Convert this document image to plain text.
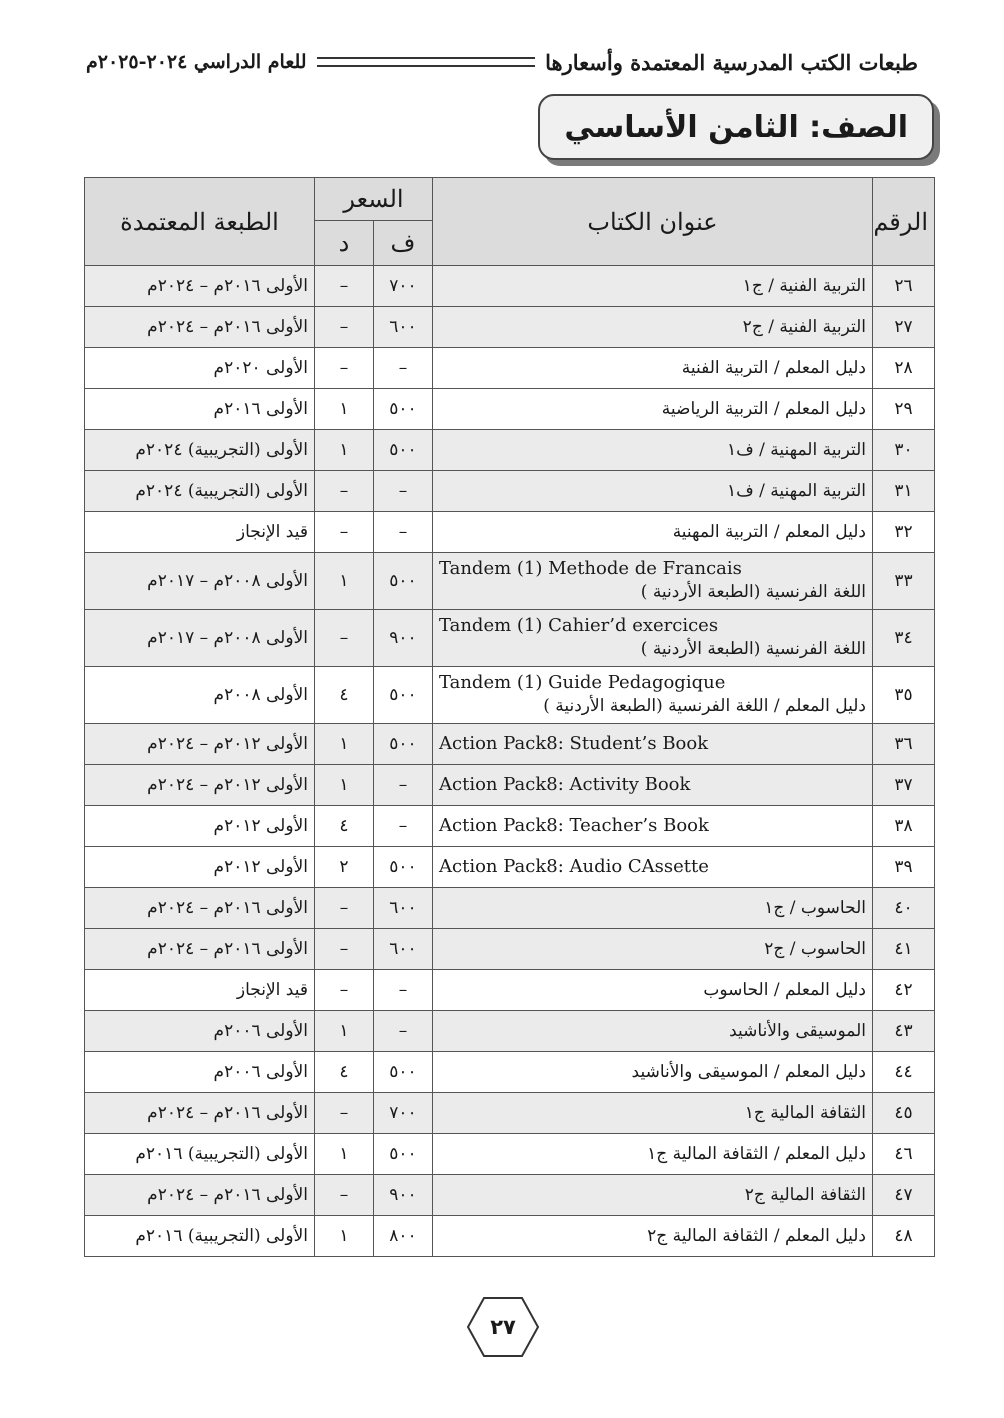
طبعات الكتب المدرسية المعتمدة وأسعارها
للعام الدراسي ٢٠٢٤-٢٠٢٥م
الصف: الثامن الأساسي
الرقم	عنوان الكتاب	السعر		الطبعة المعتمدة
		ف	د	
٢٦	التربية الفنية / ج١	٧٠٠	–	الأولى ٢٠١٦م – ٢٠٢٤م
٢٧	التربية الفنية / ج٢	٦٠٠	–	الأولى ٢٠١٦م – ٢٠٢٤م
٢٨	دليل المعلم / التربية الفنية	–	–	الأولى ٢٠٢٠م
٢٩	دليل المعلم / التربية الرياضية	٥٠٠	١	الأولى ٢٠١٦م
٣٠	التربية المهنية / ف١	٥٠٠	١	الأولى (التجريبية) ٢٠٢٤م
٣١	التربية المهنية / ف١	–	–	الأولى (التجريبية) ٢٠٢٤م
٣٢	دليل المعلم / التربية المهنية	–	–	قيد الإنجاز
٣٣	Tandem (1) Methode de Francais
اللغة الفرنسية (الطبعة الأردنية )	٥٠٠	١	الأولى ٢٠٠٨م – ٢٠١٧م
٣٤	Tandem (1) Cahier’d exercices
اللغة الفرنسية (الطبعة الأردنية )	٩٠٠	–	الأولى ٢٠٠٨م – ٢٠١٧م
٣٥	Tandem (1) Guide Pedagogique
دليل المعلم / اللغة الفرنسية (الطبعة الأردنية )	٥٠٠	٤	الأولى ٢٠٠٨م
٣٦	Action Pack8: Student’s Book	٥٠٠	١	الأولى ٢٠١٢م – ٢٠٢٤م
٣٧	Action Pack8: Activity Book	–	١	الأولى ٢٠١٢م – ٢٠٢٤م
٣٨	Action Pack8: Teacher’s Book	–	٤	الأولى ٢٠١٢م
٣٩	Action Pack8: Audio CAssette	٥٠٠	٢	الأولى ٢٠١٢م
٤٠	الحاسوب / ج١	٦٠٠	–	الأولى ٢٠١٦م – ٢٠٢٤م
٤١	الحاسوب / ج٢	٦٠٠	–	الأولى ٢٠١٦م – ٢٠٢٤م
٤٢	دليل المعلم / الحاسوب	–	–	قيد الإنجاز
٤٣	الموسيقى والأناشيد	–	١	الأولى ٢٠٠٦م
٤٤	دليل المعلم / الموسيقى والأناشيد	٥٠٠	٤	الأولى ٢٠٠٦م
٤٥	الثقافة المالية ج١	٧٠٠	–	الأولى ٢٠١٦م – ٢٠٢٤م
٤٦	دليل المعلم / الثقافة المالية ج١	٥٠٠	١	الأولى (التجريبية) ٢٠١٦م
٤٧	الثقافة المالية ج٢	٩٠٠	–	الأولى ٢٠١٦م – ٢٠٢٤م
٤٨	دليل المعلم / الثقافة المالية ج٢	٨٠٠	١	الأولى (التجريبية) ٢٠١٦م
٢٧
